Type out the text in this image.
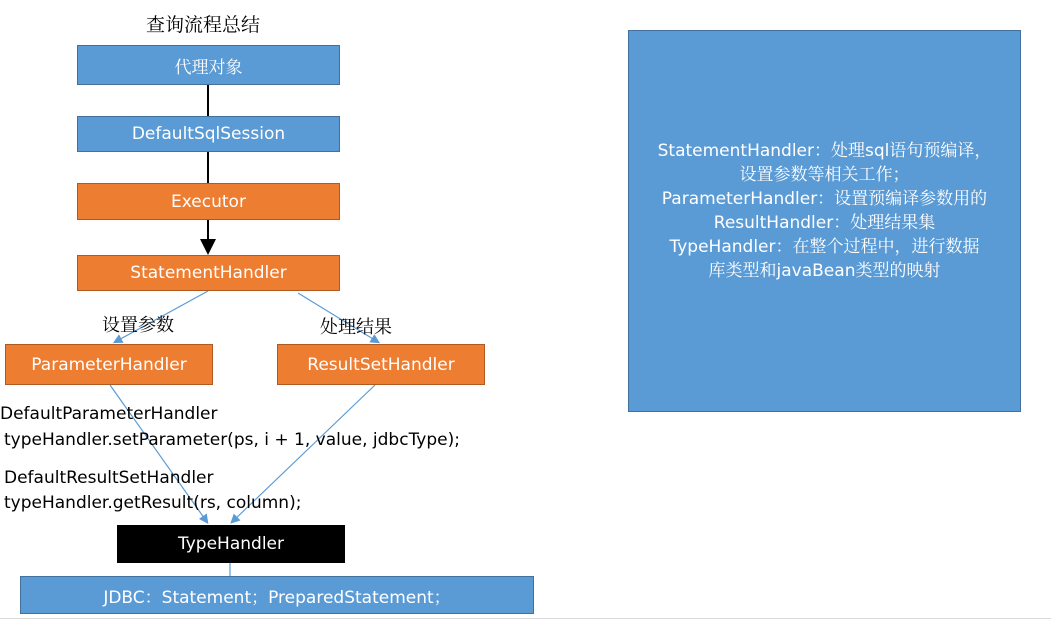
查询流程总结
代理对象
DefaultSqlSession
Executor
StatementHandler
设置参数	处理结果
ParameterHandler	ResultSetHandler
DefaultParameterHandler
typeHandler.setParameter(ps, i + 1, value, jdbcType);
DefaultResultSetHandler
typeHandler.getResult(rs, column);
TypeHandler
JDBC：Statement；PreparedStatement；
StatementHandler：处理sql语句预编译，
设置参数等相关工作；
ParameterHandler：设置预编译参数用的
ResultHandler：处理结果集
TypeHandler：在整个过程中，进行数据
库类型和javaBean类型的映射
